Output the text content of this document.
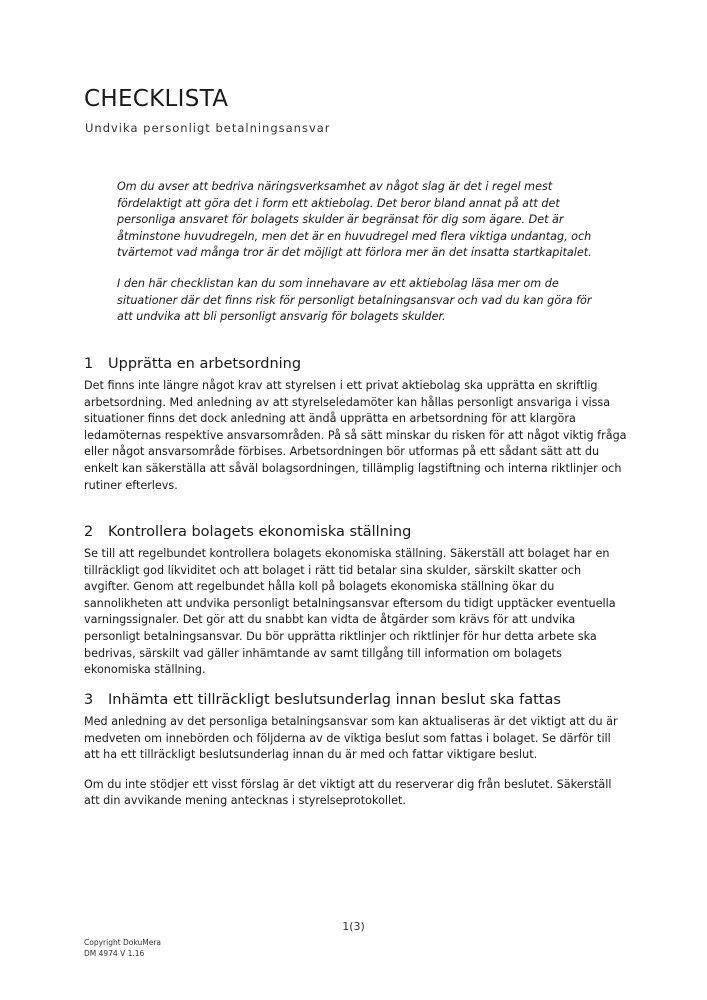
CHECKLISTA
Undvika personligt betalningsansvar

Om du avser att bedriva näringsverksamhet av något slag är det i regel mest fördelaktigt att göra det i form ett aktiebolag. Det beror bland annat på att det personliga ansvaret för bolagets skulder är begränsat för dig som ägare. Det är åtminstone huvudregeln, men det är en huvudregel med flera viktiga undantag, och tvärtemot vad många tror är det möjligt att förlora mer än det insatta startkapitalet.

I den här checklistan kan du som innehavare av ett aktiebolag läsa mer om de situationer där det finns risk för personligt betalningsansvar och vad du kan göra för att undvika att bli personligt ansvarig för bolagets skulder.

1 Upprätta en arbetsordning

Det finns inte längre något krav att styrelsen i ett privat aktiebolag ska upprätta en skriftlig arbetsordning. Med anledning av att styrelseledamöter kan hållas personligt ansvariga i vissa situationer finns det dock anledning att ändå upprätta en arbetsordning för att klargöra ledamöternas respektive ansvarsområden. På så sätt minskar du risken för att något viktig fråga eller något ansvarsområde förbises. Arbetsordningen bör utformas på ett sådant sätt att du enkelt kan säkerställa att såväl bolagsordningen, tillämplig lagstiftning och interna riktlinjer och rutiner efterlevs.

2 Kontrollera bolagets ekonomiska ställning

Se till att regelbundet kontrollera bolagets ekonomiska ställning. Säkerställ att bolaget har en tillräckligt god likviditet och att bolaget i rätt tid betalar sina skulder, särskilt skatter och avgifter. Genom att regelbundet hålla koll på bolagets ekonomiska ställning ökar du sannolikheten att undvika personligt betalningsansvar eftersom du tidigt upptäcker eventuella varningssignaler. Det gör att du snabbt kan vidta de åtgärder som krävs för att undvika personligt betalningsansvar. Du bör upprätta riktlinjer och riktlinjer för hur detta arbete ska bedrivas, särskilt vad gäller inhämtande av samt tillgång till information om bolagets ekonomiska ställning.

3 Inhämta ett tillräckligt beslutsunderlag innan beslut ska fattas

Med anledning av det personliga betalningsansvar som kan aktualiseras är det viktigt att du är medveten om innebörden och följderna av de viktiga beslut som fattas i bolaget. Se därför till att ha ett tillräckligt beslutsunderlag innan du är med och fattar viktigare beslut.

Om du inte stödjer ett visst förslag är det viktigt att du reserverar dig från beslutet. Säkerställ att din avvikande mening antecknas i styrelseprotokollet.

1(3)
Copyright DokuMera
DM 4974 V 1.16
